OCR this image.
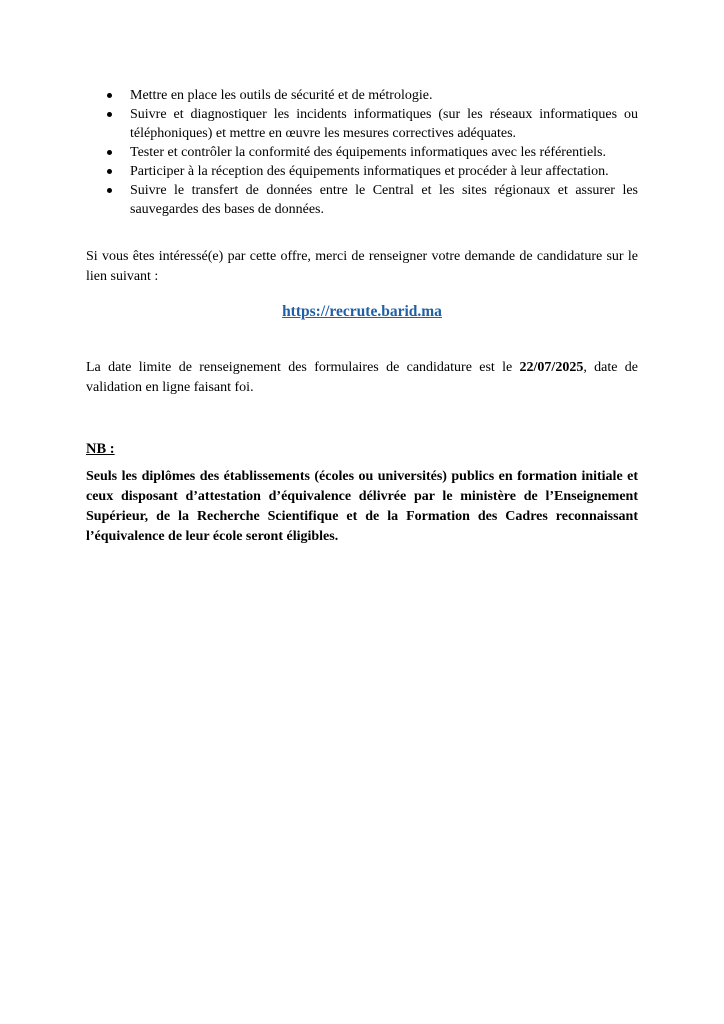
Mettre en place les outils de sécurité et de métrologie.
Suivre et diagnostiquer les incidents informatiques (sur les réseaux informatiques ou téléphoniques) et mettre en œuvre les mesures correctives adéquates.
Tester et contrôler la conformité des équipements informatiques avec les référentiels.
Participer à la réception des équipements informatiques et procéder à leur affectation.
Suivre le transfert de données entre le Central et les sites régionaux et assurer les sauvegardes des bases de données.

Si vous êtes intéressé(e) par cette offre, merci de renseigner votre demande de candidature sur le lien suivant :

https://recrute.barid.ma

La date limite de renseignement des formulaires de candidature est le 22/07/2025, date de validation en ligne faisant foi.

NB :

Seuls les diplômes des établissements (écoles ou universités) publics en formation initiale et ceux disposant d’attestation d’équivalence délivrée par le ministère de l’Enseignement Supérieur, de la Recherche Scientifique et de la Formation des Cadres reconnaissant l’équivalence de leur école seront éligibles.
